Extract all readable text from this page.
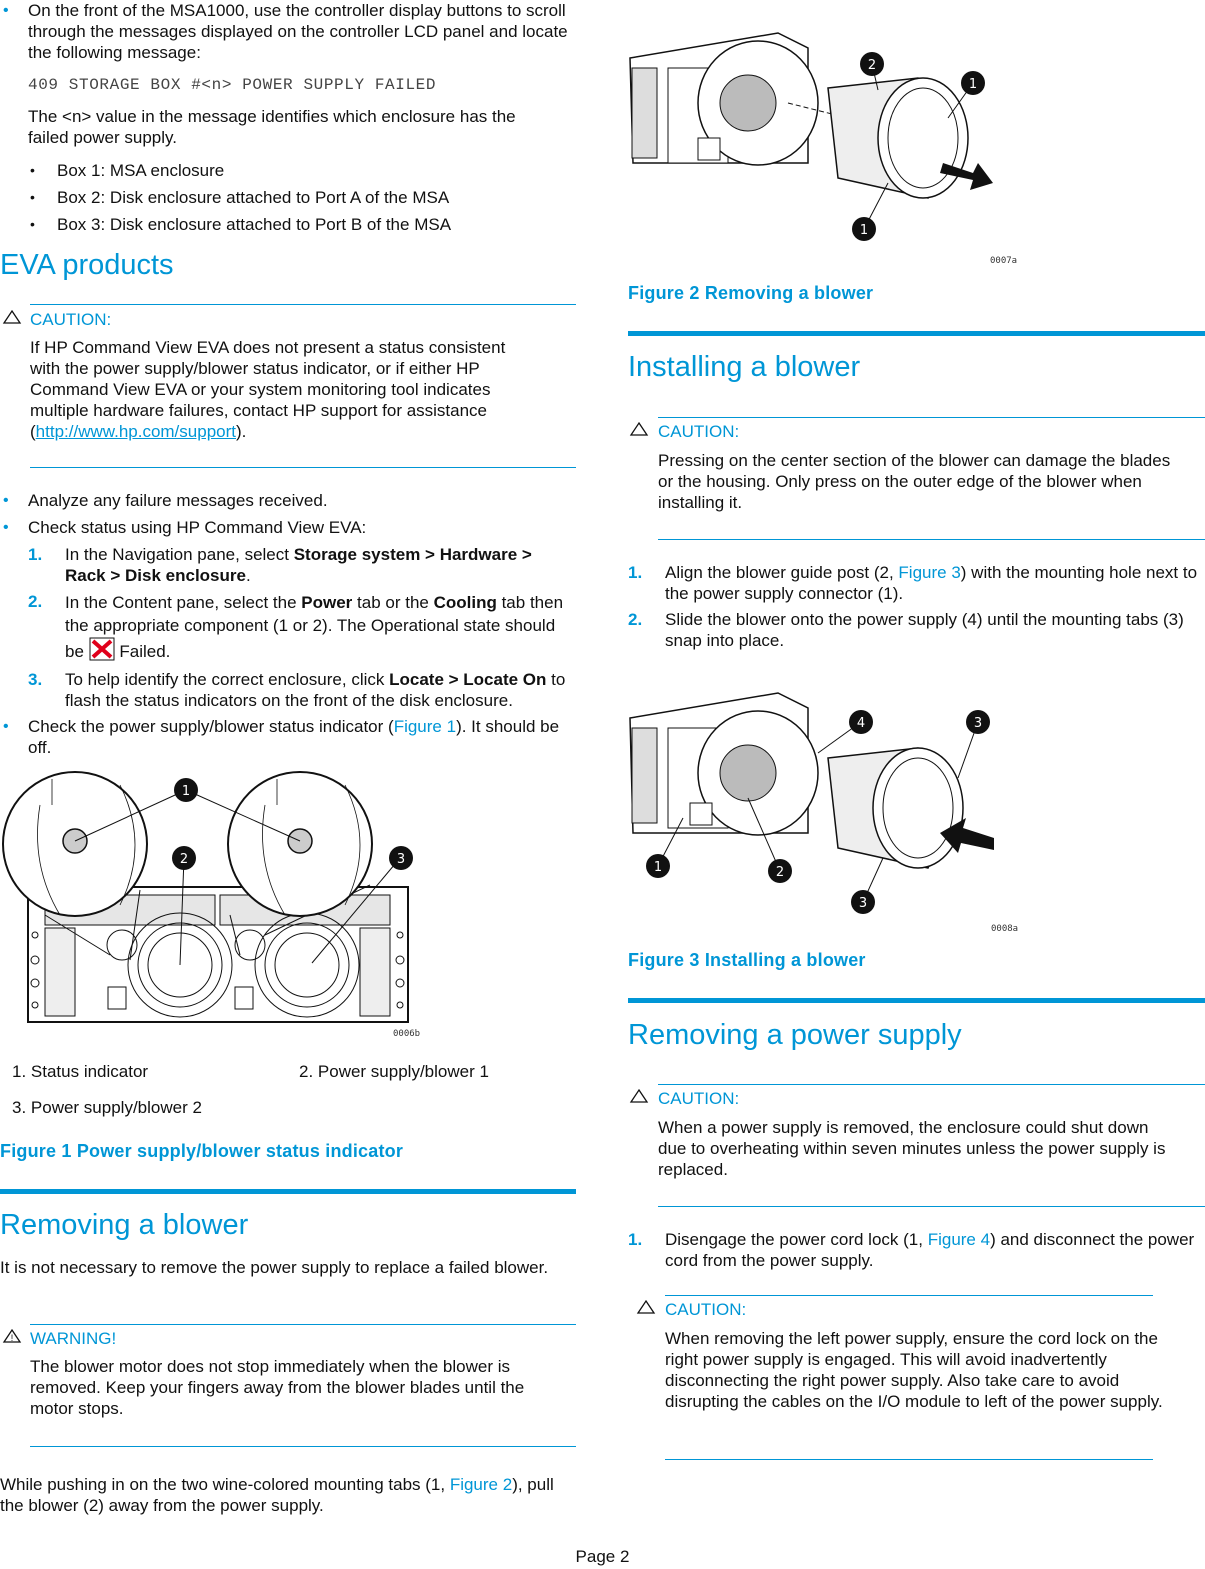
• On the front of the MSA1000, use the controller display buttons to scroll through the messages displayed on the controller LCD panel and locate the following message:
409 STORAGE BOX #<n> POWER SUPPLY FAILED
The <n> value in the message identifies which enclosure has the failed power supply.
• Box 1: MSA enclosure
• Box 2: Disk enclosure attached to Port A of the MSA
• Box 3: Disk enclosure attached to Port B of the MSA
EVA products
CAUTION:
If HP Command View EVA does not present a status consistent with the power supply/blower status indicator, or if either HP Command View EVA or your system monitoring tool indicates multiple hardware failures, contact HP support for assistance (http://www.hp.com/support).
• Analyze any failure messages received.
• Check status using HP Command View EVA:
1. In the Navigation pane, select Storage system > Hardware > Rack > Disk enclosure.
2. In the Content pane, select the Power tab or the Cooling tab then the appropriate component (1 or 2). The Operational state should be  Failed.
3. To help identify the correct enclosure, click Locate > Locate On to flash the status indicators on the front of the disk enclosure.
• Check the power supply/blower status indicator (Figure 1). It should be off.
1
2	3
0006b
1. Status indicator	2. Power supply/blower 1
3. Power supply/blower 2
Figure 1 Power supply/blower status indicator
Removing a blower
It is not necessary to remove the power supply to replace a failed blower.
! WARNING!
The blower motor does not stop immediately when the blower is removed. Keep your fingers away from the blower blades until the motor stops.
While pushing in on the two wine-colored mounting tabs (1, Figure 2), pull the blower (2) away from the power supply.
2
1
1
0007a
Figure 2 Removing a blower
Installing a blower
CAUTION:
Pressing on the center section of the blower can damage the blades or the housing. Only press on the outer edge of the blower when installing it.
1. Align the blower guide post (2, Figure 3) with the mounting hole next to the power supply connector (1).
2. Slide the blower onto the power supply (4) until the mounting tabs (3) snap into place.
4	3
1	2
3
0008a
Figure 3 Installing a blower
Removing a power supply
CAUTION:
When a power supply is removed, the enclosure could shut down due to overheating within seven minutes unless the power supply is replaced.
1. Disengage the power cord lock (1, Figure 4) and disconnect the power cord from the power supply.
CAUTION:
When removing the left power supply, ensure the cord lock on the right power supply is engaged. This will avoid inadvertently disconnecting the right power supply. Also take care to avoid disrupting the cables on the I/O module to left of the power supply.
Page 2
